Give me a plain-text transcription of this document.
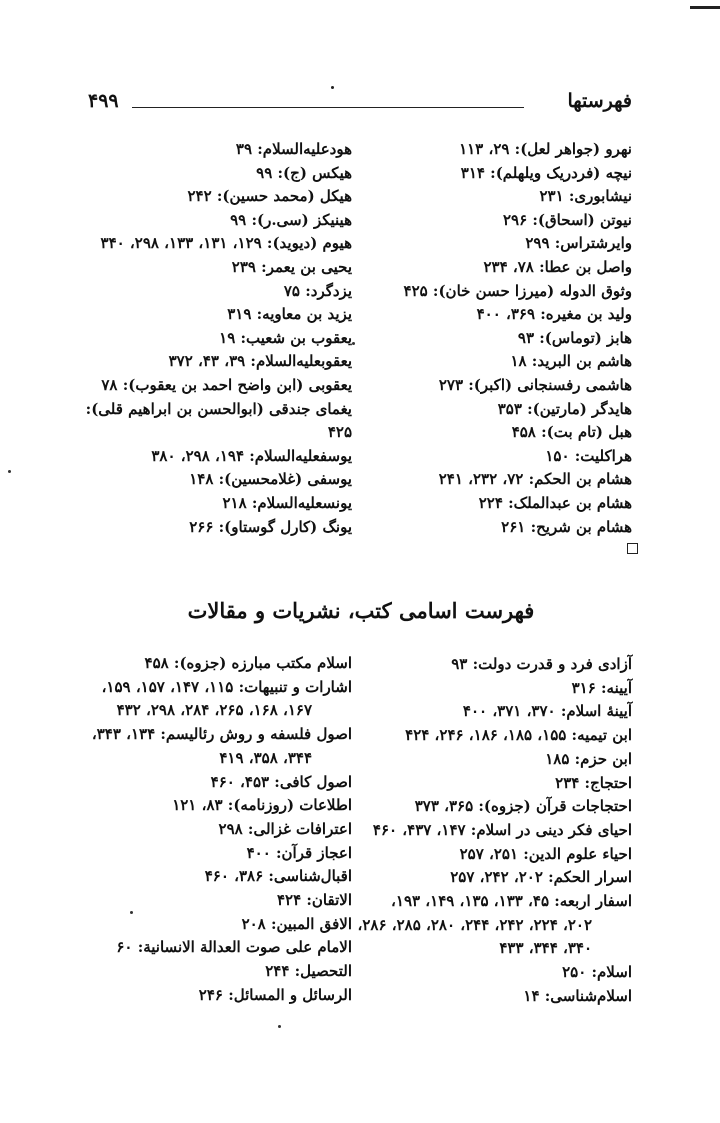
فهرستها
۴۹۹
نهرو (جواهر لعل): ۲۹، ۱۱۳
نیچه (فردریک ویلهلم): ۳۱۴
نیشابوری: ۲۳۱
نیوتن (اسحاق): ۲۹۶
وایرشتراس: ۲۹۹
واصل بن عطا: ۷۸، ۲۳۴
وثوق الدوله (میرزا حسن خان): ۴۲۵
ولید بن مغیره: ۳۶۹، ۴۰۰
هابز (توماس): ۹۳
هاشم بن البرید: ۱۸
هاشمی رفسنجانی (اکبر): ۲۷۳
هایدگر (مارتین): ۳۵۳
هبل (تام بت): ۴۵۸
هراکلیت: ۱۵۰
هشام بن الحکم: ۷۲، ۲۳۲، ۲۴۱
هشام بن عبدالملک: ۲۲۴
هشام بن شریح: ۲۶۱
هودعليه‌السلام: ۳۹
هیکس (ج): ۹۹
هیکل (محمد حسین): ۲۴۲
هینیکز (سی.ر): ۹۹
هیوم (دیوید): ۱۲۹، ۱۳۱، ۱۳۳، ۲۹۸، ۳۴۰
یحیی بن یعمر: ۲۳۹
یزدگرد: ۷۵
یزید بن معاویه: ۳۱۹
یعقوب بن شعیب: ۱۹
یعقوبعليه‌السلام: ۳۹، ۴۳، ۳۷۲
یعقوبی (ابن واضح احمد بن یعقوب): ۷۸
یغمای جندقی (ابوالحسن بن ابراهیم قلی):
۴۲۵
یوسفعليه‌السلام: ۱۹۴، ۲۹۸، ۳۸۰
یوسفی (غلامحسین): ۱۴۸
یونسعليه‌السلام: ۲۱۸
یونگ (کارل گوستاو): ۲۶۶
فهرست اسامی کتب، نشریات و مقالات
آزادی فرد و قدرت دولت: ۹۳
آیینه: ۳۱۶
آیینهٔ اسلام: ۳۷۰، ۳۷۱، ۴۰۰
ابن تیمیه: ۱۵۵، ۱۸۵، ۱۸۶، ۲۴۶، ۴۲۴
ابن حزم: ۱۸۵
احتجاج: ۲۳۴
احتجاجات قرآن (جزوه): ۳۶۵، ۳۷۳
احیای فکر دینی در اسلام: ۱۴۷، ۴۳۷، ۴۶۰
احیاء علوم الدین: ۲۵۱، ۲۵۷
اسرار الحکم: ۲۰۲، ۲۴۲، ۲۵۷
اسفار اربعه: ۴۵، ۱۳۳، ۱۳۵، ۱۴۹، ۱۹۳،
۲۰۲، ۲۲۴، ۲۴۲، ۲۴۴، ۲۸۰، ۲۸۵، ۲۸۶،
۳۴۰، ۳۴۴، ۴۳۳
اسلام: ۲۵۰
اسلام‌شناسی: ۱۴
اسلام مکتب مبارزه (جزوه): ۴۵۸
اشارات و تنبیهات: ۱۱۵، ۱۴۷، ۱۵۷، ۱۵۹،
۱۶۷، ۱۶۸، ۲۶۵، ۲۸۴، ۲۹۸، ۴۳۲
اصول فلسفه و روش رئالیسم: ۱۳۴، ۳۴۳،
۳۴۴، ۳۵۸، ۴۱۹
اصول کافی: ۴۵۳، ۴۶۰
اطلاعات (روزنامه): ۸۳، ۱۲۱
اعترافات غزالی: ۲۹۸
اعجاز قرآن: ۴۰۰
اقبال‌شناسی: ۳۸۶، ۴۶۰
الاتقان: ۴۲۴
الافق المبین: ۲۰۸
الامام علی صوت العدالة الانسانية: ۶۰
التحصیل: ۲۴۴
الرسائل و المسائل: ۲۴۶
